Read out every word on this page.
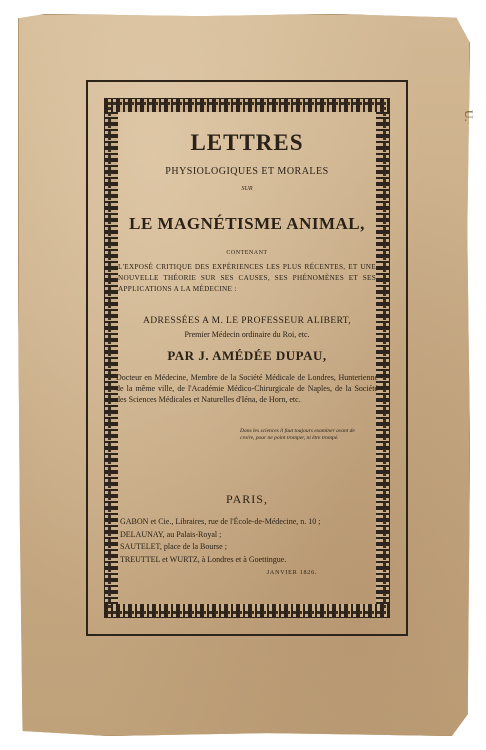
U.
LETTRES
PHYSIOLOGIQUES ET MORALES
SUR
LE MAGNÉTISME ANIMAL,
CONTENANT
L'EXPOSÉ CRITIQUE DES EXPÉRIENCES LES PLUS RÉCENTES, ET UNE NOUVELLE THÉORIE SUR SES CAUSES, SES PHÉNOMÈNES ET SES APPLICATIONS A LA MÉDECINE :
ADRESSÉES A M. LE PROFESSEUR ALIBERT,
Premier Médecin ordinaire du Roi, etc.
PAR J. AMÉDÉE DUPAU,
Docteur en Médecine, Membre de la Société Médicale de Londres, Hunterienne de la même ville, de l'Académie Médico-Chirurgicale de Naples, de la Société des Sciences Médicales et Naturelles d'Iéna, de Horn, etc.
Dans les sciences il faut toujours examiner avant de croire, pour ne point tromper, ni être trompé.
PARIS,
GABON et Cie., Libraires, rue de l'École-de-Médecine, n. 10 ;
DELAUNAY, au Palais-Royal ;
SAUTELET, place de la Bourse ;
TREUTTEL et WURTZ, à Londres et à Goettingue.
JANVIER 1826.
